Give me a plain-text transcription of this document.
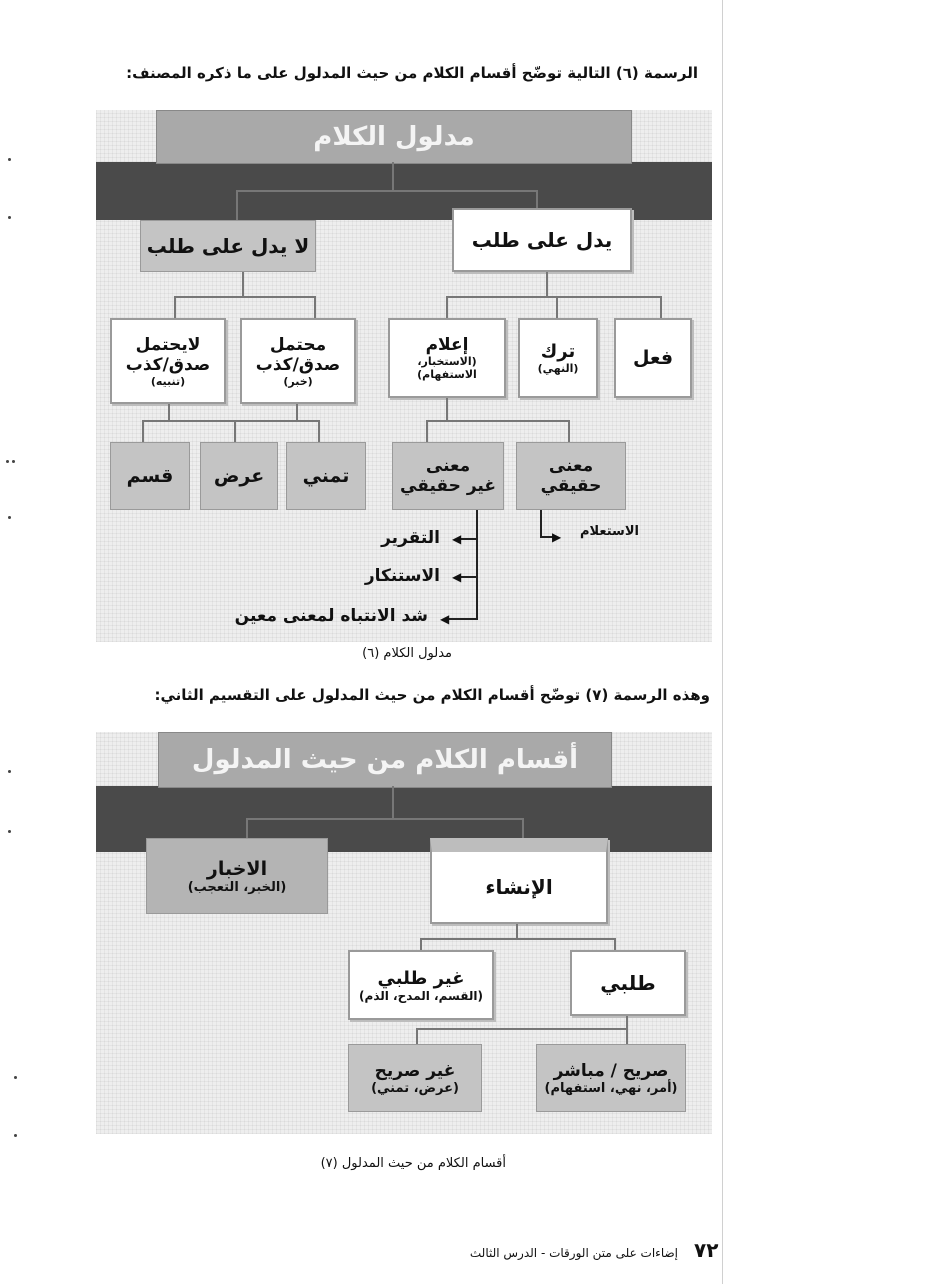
الرسمة (٦) التالية توضّح أقسام الكلام من حيث المدلول على ما ذكره المصنف:
مدلول الكلام
لا يدل على طلب	يدل على طلب
لايحتمل
صدق/كذب
(تنبيه)
محتمل
صدق/كذب
(خبر)
إعلام
(الاستخبار، الاستفهام)
ترك
(النهي)	فعل
قسم عرض تمني	معنى
غير حقيقي
معنى
حقيقي
▶ الاستعلام
◀
◀
◀
التقرير
الاستنكار
شد الانتباه لمعنى معين
مدلول الكلام (٦)
وهذه الرسمة (٧) توضّح أقسام الكلام من حيث المدلول على التقسيم الثاني:
أقسام الكلام من حيث المدلول
الاخبار
(الخبر، التعجب)	الإنشاء
غير طلبي
(القسم، المدح، الذم)
طلبي
غير صريح
(عرض، تمني)
صريح / مباشر
(أمر، نهي، استفهام)
أقسام الكلام من حيث المدلول (٧)
٧٢
إضاءات على متن الورقات - الدرس الثالث
